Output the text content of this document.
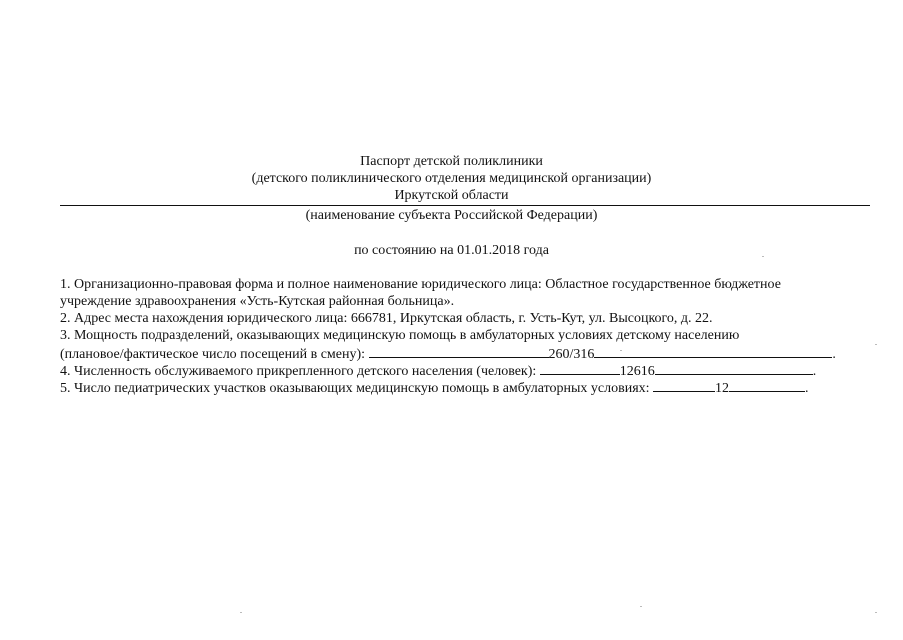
Паспорт детской поликлиники
(детского поликлинического отделения медицинской организации)
Иркутской области
(наименование субъекта Российской Федерации)
по состоянию на 01.01.2018 года
1. Организационно-правовая форма и полное наименование юридического лица: Областное государственное бюджетное
учреждение здравоохранения «Усть-Кутская районная больница».
2. Адрес места нахождения юридического лица: 666781, Иркутская область, г. Усть-Кут, ул. Высоцкого, д. 22.
3. Мощность подразделений, оказывающих медицинскую помощь в амбулаторных условиях детскому населению
(плановое/фактическое число посещений в смену):	260/316	.
4. Численность обслуживаемого прикрепленного детского населения (человек):	12616	.
5. Число педиатрических участков оказывающих медицинскую помощь в амбулаторных условиях:	12	.
